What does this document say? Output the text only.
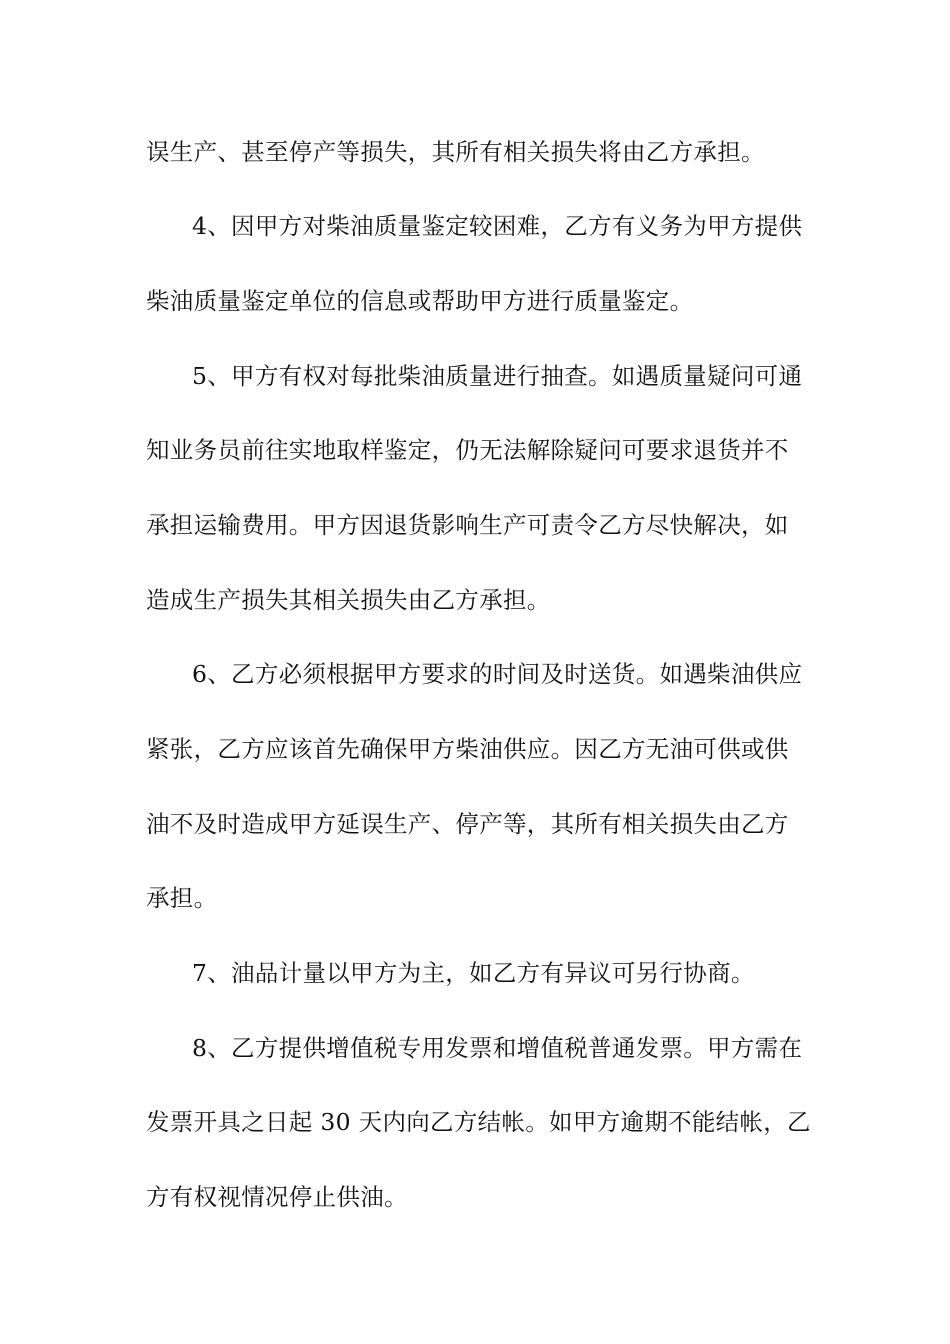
误生产、甚至停产等损失，其所有相关损失将由乙方承担。
4、因甲方对柴油质量鉴定较困难，乙方有义务为甲方提供
柴油质量鉴定单位的信息或帮助甲方进行质量鉴定。
5、甲方有权对每批柴油质量进行抽查。如遇质量疑问可通
知业务员前往实地取样鉴定，仍无法解除疑问可要求退货并不
承担运输费用。甲方因退货影响生产可责令乙方尽快解决，如
造成生产损失其相关损失由乙方承担。
6、乙方必须根据甲方要求的时间及时送货。如遇柴油供应
紧张，乙方应该首先确保甲方柴油供应。因乙方无油可供或供
油不及时造成甲方延误生产、停产等，其所有相关损失由乙方
承担。
7、油品计量以甲方为主，如乙方有异议可另行协商。
8、乙方提供增值税专用发票和增值税普通发票。甲方需在
发票开具之日起 30 天内向乙方结帐。如甲方逾期不能结帐，乙
方有权视情况停止供油。
